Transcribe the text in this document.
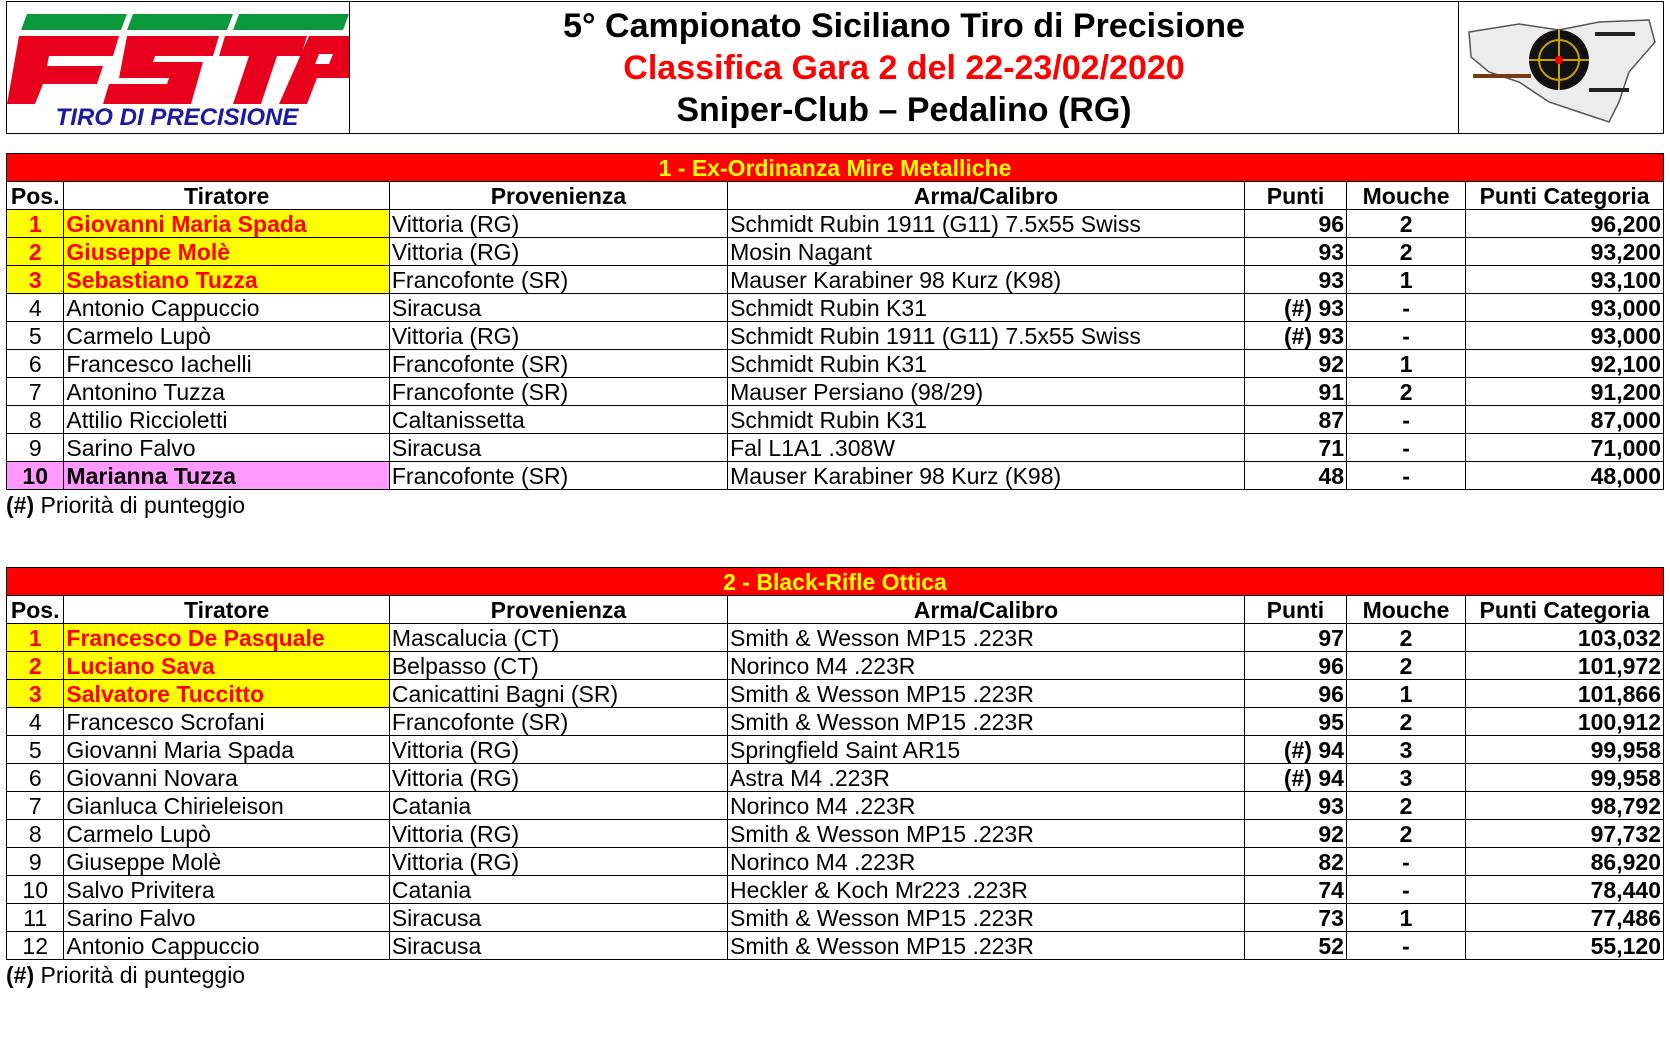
TIRO DI PRECISIONE
5° Campionato Siciliano Tiro di Precisione
Classifica Gara 2 del 22-23/02/2020
Sniper-Club – Pedalino (RG)
1 - Ex-Ordinanza Mire Metalliche						
Pos.	Tiratore	Provenienza	Arma/Calibro	Punti	Mouche	Punti Categoria
1	Giovanni Maria Spada	Vittoria (RG)	Schmidt Rubin 1911 (G11) 7.5x55 Swiss	96	2	96,200
2	Giuseppe Molè	Vittoria (RG)	Mosin Nagant	93	2	93,200
3	Sebastiano Tuzza	Francofonte (SR)	Mauser Karabiner 98 Kurz (K98)	93	1	93,100
4	Antonio Cappuccio	Siracusa	Schmidt Rubin K31	(#) 93	-	93,000
5	Carmelo Lupò	Vittoria (RG)	Schmidt Rubin 1911 (G11) 7.5x55 Swiss	(#) 93	-	93,000
6	Francesco Iachelli	Francofonte (SR)	Schmidt Rubin K31	92	1	92,100
7	Antonino Tuzza	Francofonte (SR)	Mauser Persiano (98/29)	91	2	91,200
8	Attilio Riccioletti	Caltanissetta	Schmidt Rubin K31	87	-	87,000
9	Sarino Falvo	Siracusa	Fal L1A1 .308W	71	-	71,000
10	Marianna Tuzza	Francofonte (SR)	Mauser Karabiner 98 Kurz (K98)	48	-	48,000
(#) Priorità di punteggio
2 - Black-Rifle Ottica						
Pos.	Tiratore	Provenienza	Arma/Calibro	Punti	Mouche	Punti Categoria
1	Francesco De Pasquale	Mascalucia (CT)	Smith & Wesson MP15 .223R	97	2	103,032
2	Luciano Sava	Belpasso (CT)	Norinco M4 .223R	96	2	101,972
3	Salvatore Tuccitto	Canicattini Bagni (SR)	Smith & Wesson MP15 .223R	96	1	101,866
4	Francesco Scrofani	Francofonte (SR)	Smith & Wesson MP15 .223R	95	2	100,912
5	Giovanni Maria Spada	Vittoria (RG)	Springfield Saint AR15	(#) 94	3	99,958
6	Giovanni Novara	Vittoria (RG)	Astra M4 .223R	(#) 94	3	99,958
7	Gianluca Chirieleison	Catania	Norinco M4 .223R	93	2	98,792
8	Carmelo Lupò	Vittoria (RG)	Smith & Wesson MP15 .223R	92	2	97,732
9	Giuseppe Molè	Vittoria (RG)	Norinco M4 .223R	82	-	86,920
10	Salvo Privitera	Catania	Heckler & Koch Mr223 .223R	74	-	78,440
11	Sarino Falvo	Siracusa	Smith & Wesson MP15 .223R	73	1	77,486
12	Antonio Cappuccio	Siracusa	Smith & Wesson MP15 .223R	52	-	55,120
(#) Priorità di punteggio
